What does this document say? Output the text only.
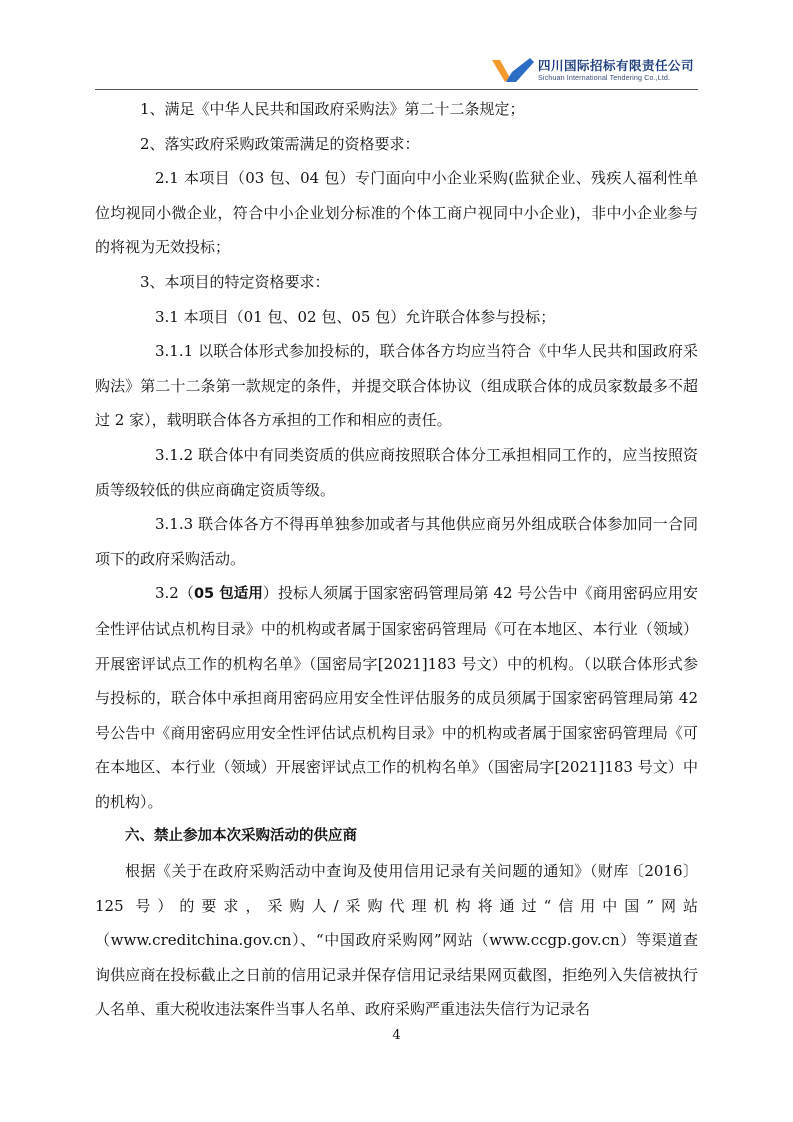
四川国际招标有限责任公司
Sichuan International Tendering Co.,Ltd.

1、满足《中华人民共和国政府采购法》第二十二条规定；

2、落实政府采购政策需满足的资格要求：

2.1 本项目（03 包、04 包）专门面向中小企业采购(监狱企业、残疾人福利性单位均视同小微企业，符合中小企业划分标准的个体工商户视同中小企业)，非中小企业参与的将视为无效投标；

3、本项目的特定资格要求：

3.1 本项目（01 包、02 包、05 包）允许联合体参与投标；

3.1.1 以联合体形式参加投标的，联合体各方均应当符合《中华人民共和国政府采购法》第二十二条第一款规定的条件，并提交联合体协议（组成联合体的成员家数最多不超过 2 家），载明联合体各方承担的工作和相应的责任。

3.1.2 联合体中有同类资质的供应商按照联合体分工承担相同工作的，应当按照资质等级较低的供应商确定资质等级。

3.1.3 联合体各方不得再单独参加或者与其他供应商另外组成联合体参加同一合同项下的政府采购活动。

3.2（05 包适用）投标人须属于国家密码管理局第 42 号公告中《商用密码应用安全性评估试点机构目录》中的机构或者属于国家密码管理局《可在本地区、本行业（领域）开展密评试点工作的机构名单》（国密局字[2021]183 号文）中的机构。（以联合体形式参与投标的，联合体中承担商用密码应用安全性评估服务的成员须属于国家密码管理局第 42 号公告中《商用密码应用安全性评估试点机构目录》中的机构或者属于国家密码管理局《可在本地区、本行业（领域）开展密评试点工作的机构名单》（国密局字[2021]183 号文）中的机构）。

六、禁止参加本次采购活动的供应商

根据《关于在政府采购活动中查询及使用信用记录有关问题的通知》（财库〔2016〕125 号）的要求，采购人/采购代理机构将通过“信用中国”网站（www.creditchina.gov.cn）、“中国政府采购网”网站（www.ccgp.gov.cn）等渠道查询供应商在投标截止之日前的信用记录并保存信用记录结果网页截图，拒绝列入失信被执行人名单、重大税收违法案件当事人名单、政府采购严重违法失信行为记录名

4
